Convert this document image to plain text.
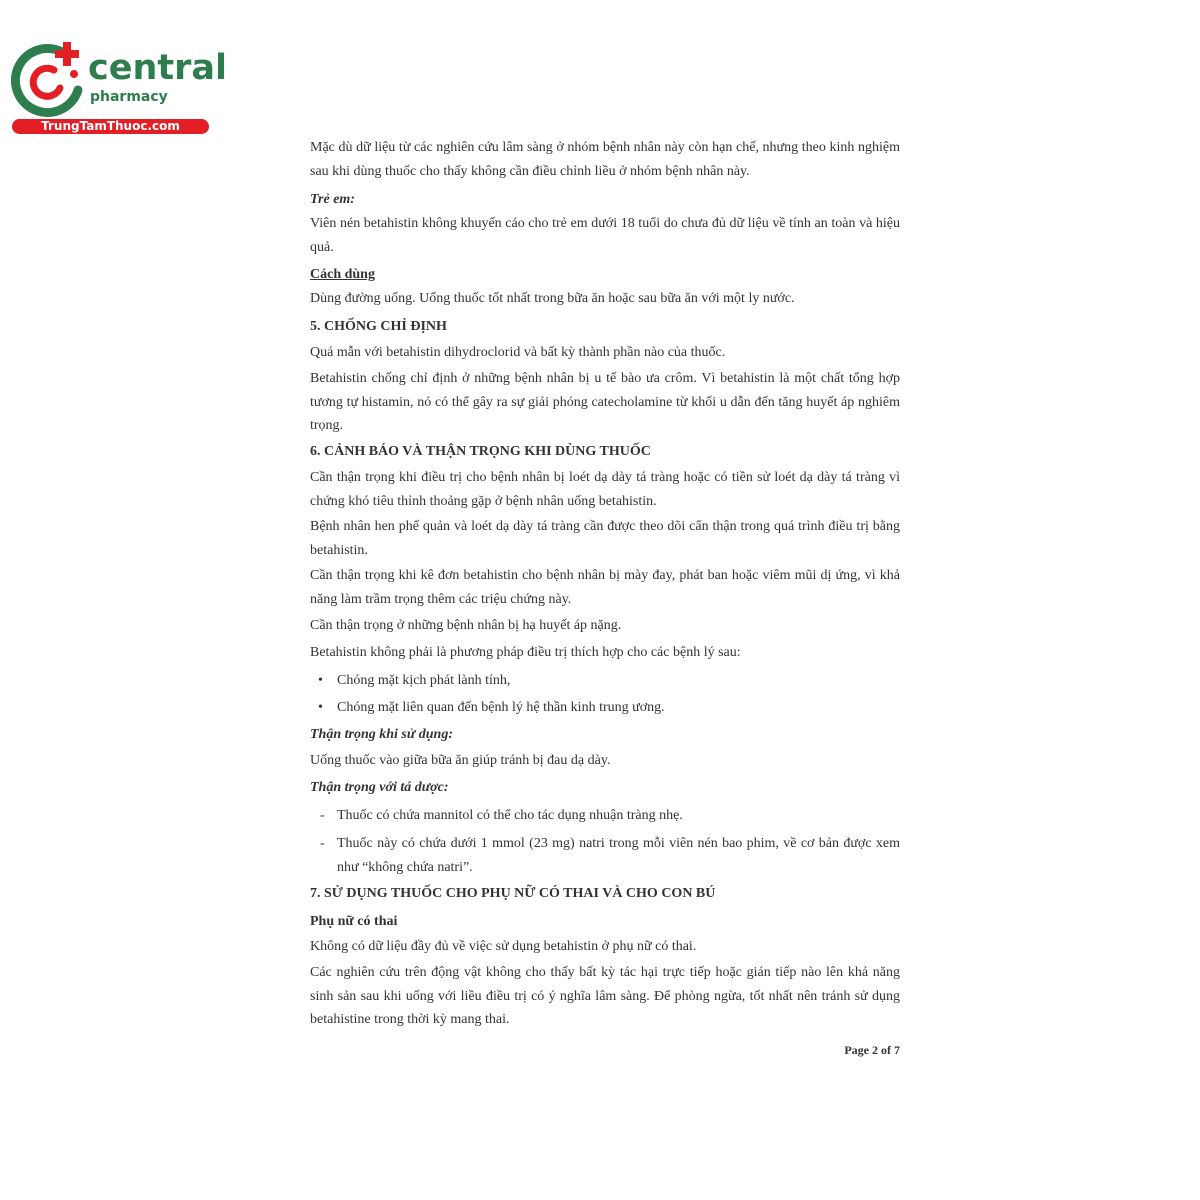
central
pharmacy
TrungTamThuoc.com
Mặc dù dữ liệu từ các nghiên cứu lâm sàng ở nhóm bệnh nhân này còn hạn chế, nhưng theo kinh nghiệm sau khi dùng thuốc cho thấy không cần điều chỉnh liều ở nhóm bệnh nhân này.
Trẻ em:
Viên nén betahistin không khuyến cáo cho trẻ em dưới 18 tuổi do chưa đủ dữ liệu về tính an toàn và hiệu quả.
Cách dùng
Dùng đường uống. Uống thuốc tốt nhất trong bữa ăn hoặc sau bữa ăn với một ly nước.
5. CHỐNG CHỈ ĐỊNH
Quá mẫn với betahistin dihydroclorid và bất kỳ thành phần nào của thuốc.
Betahistin chống chỉ định ở những bệnh nhân bị u tế bào ưa crôm. Vì betahistin là một chất tổng hợp tương tự histamin, nó có thể gây ra sự giải phóng catecholamine từ khối u dẫn đến tăng huyết áp nghiêm trọng.
6. CẢNH BÁO VÀ THẬN TRỌNG KHI DÙNG THUỐC
Cần thận trọng khi điều trị cho bệnh nhân bị loét dạ dày tá tràng hoặc có tiền sử loét dạ dày tá tràng vì chứng khó tiêu thỉnh thoảng gặp ở bệnh nhân uống betahistin.
Bệnh nhân hen phế quản và loét dạ dày tá tràng cần được theo dõi cẩn thận trong quá trình điều trị bằng betahistin.
Cần thận trọng khi kê đơn betahistin cho bệnh nhân bị mày đay, phát ban hoặc viêm mũi dị ứng, vì khả năng làm trầm trọng thêm các triệu chứng này.
Cần thận trọng ở những bệnh nhân bị hạ huyết áp nặng.
Betahistin không phải là phương pháp điều trị thích hợp cho các bệnh lý sau:
• Chóng mặt kịch phát lành tính,
• Chóng mặt liên quan đến bệnh lý hệ thần kinh trung ương.
Thận trọng khi sử dụng:
Uống thuốc vào giữa bữa ăn giúp tránh bị đau dạ dày.
Thận trọng với tá dược:
- Thuốc có chứa mannitol có thể cho tác dụng nhuận tràng nhẹ.
- Thuốc này có chứa dưới 1 mmol (23 mg) natri trong mỗi viên nén bao phim, về cơ bản được xem như “không chứa natri”.
7. SỬ DỤNG THUỐC CHO PHỤ NỮ CÓ THAI VÀ CHO CON BÚ
Phụ nữ có thai
Không có dữ liệu đầy đủ về việc sử dụng betahistin ở phụ nữ có thai.
Các nghiên cứu trên động vật không cho thấy bất kỳ tác hại trực tiếp hoặc gián tiếp nào lên khả năng sinh sản sau khi uống với liều điều trị có ý nghĩa lâm sàng. Để phòng ngừa, tốt nhất nên tránh sử dụng betahistine trong thời kỳ mang thai.
Page 2 of 7
